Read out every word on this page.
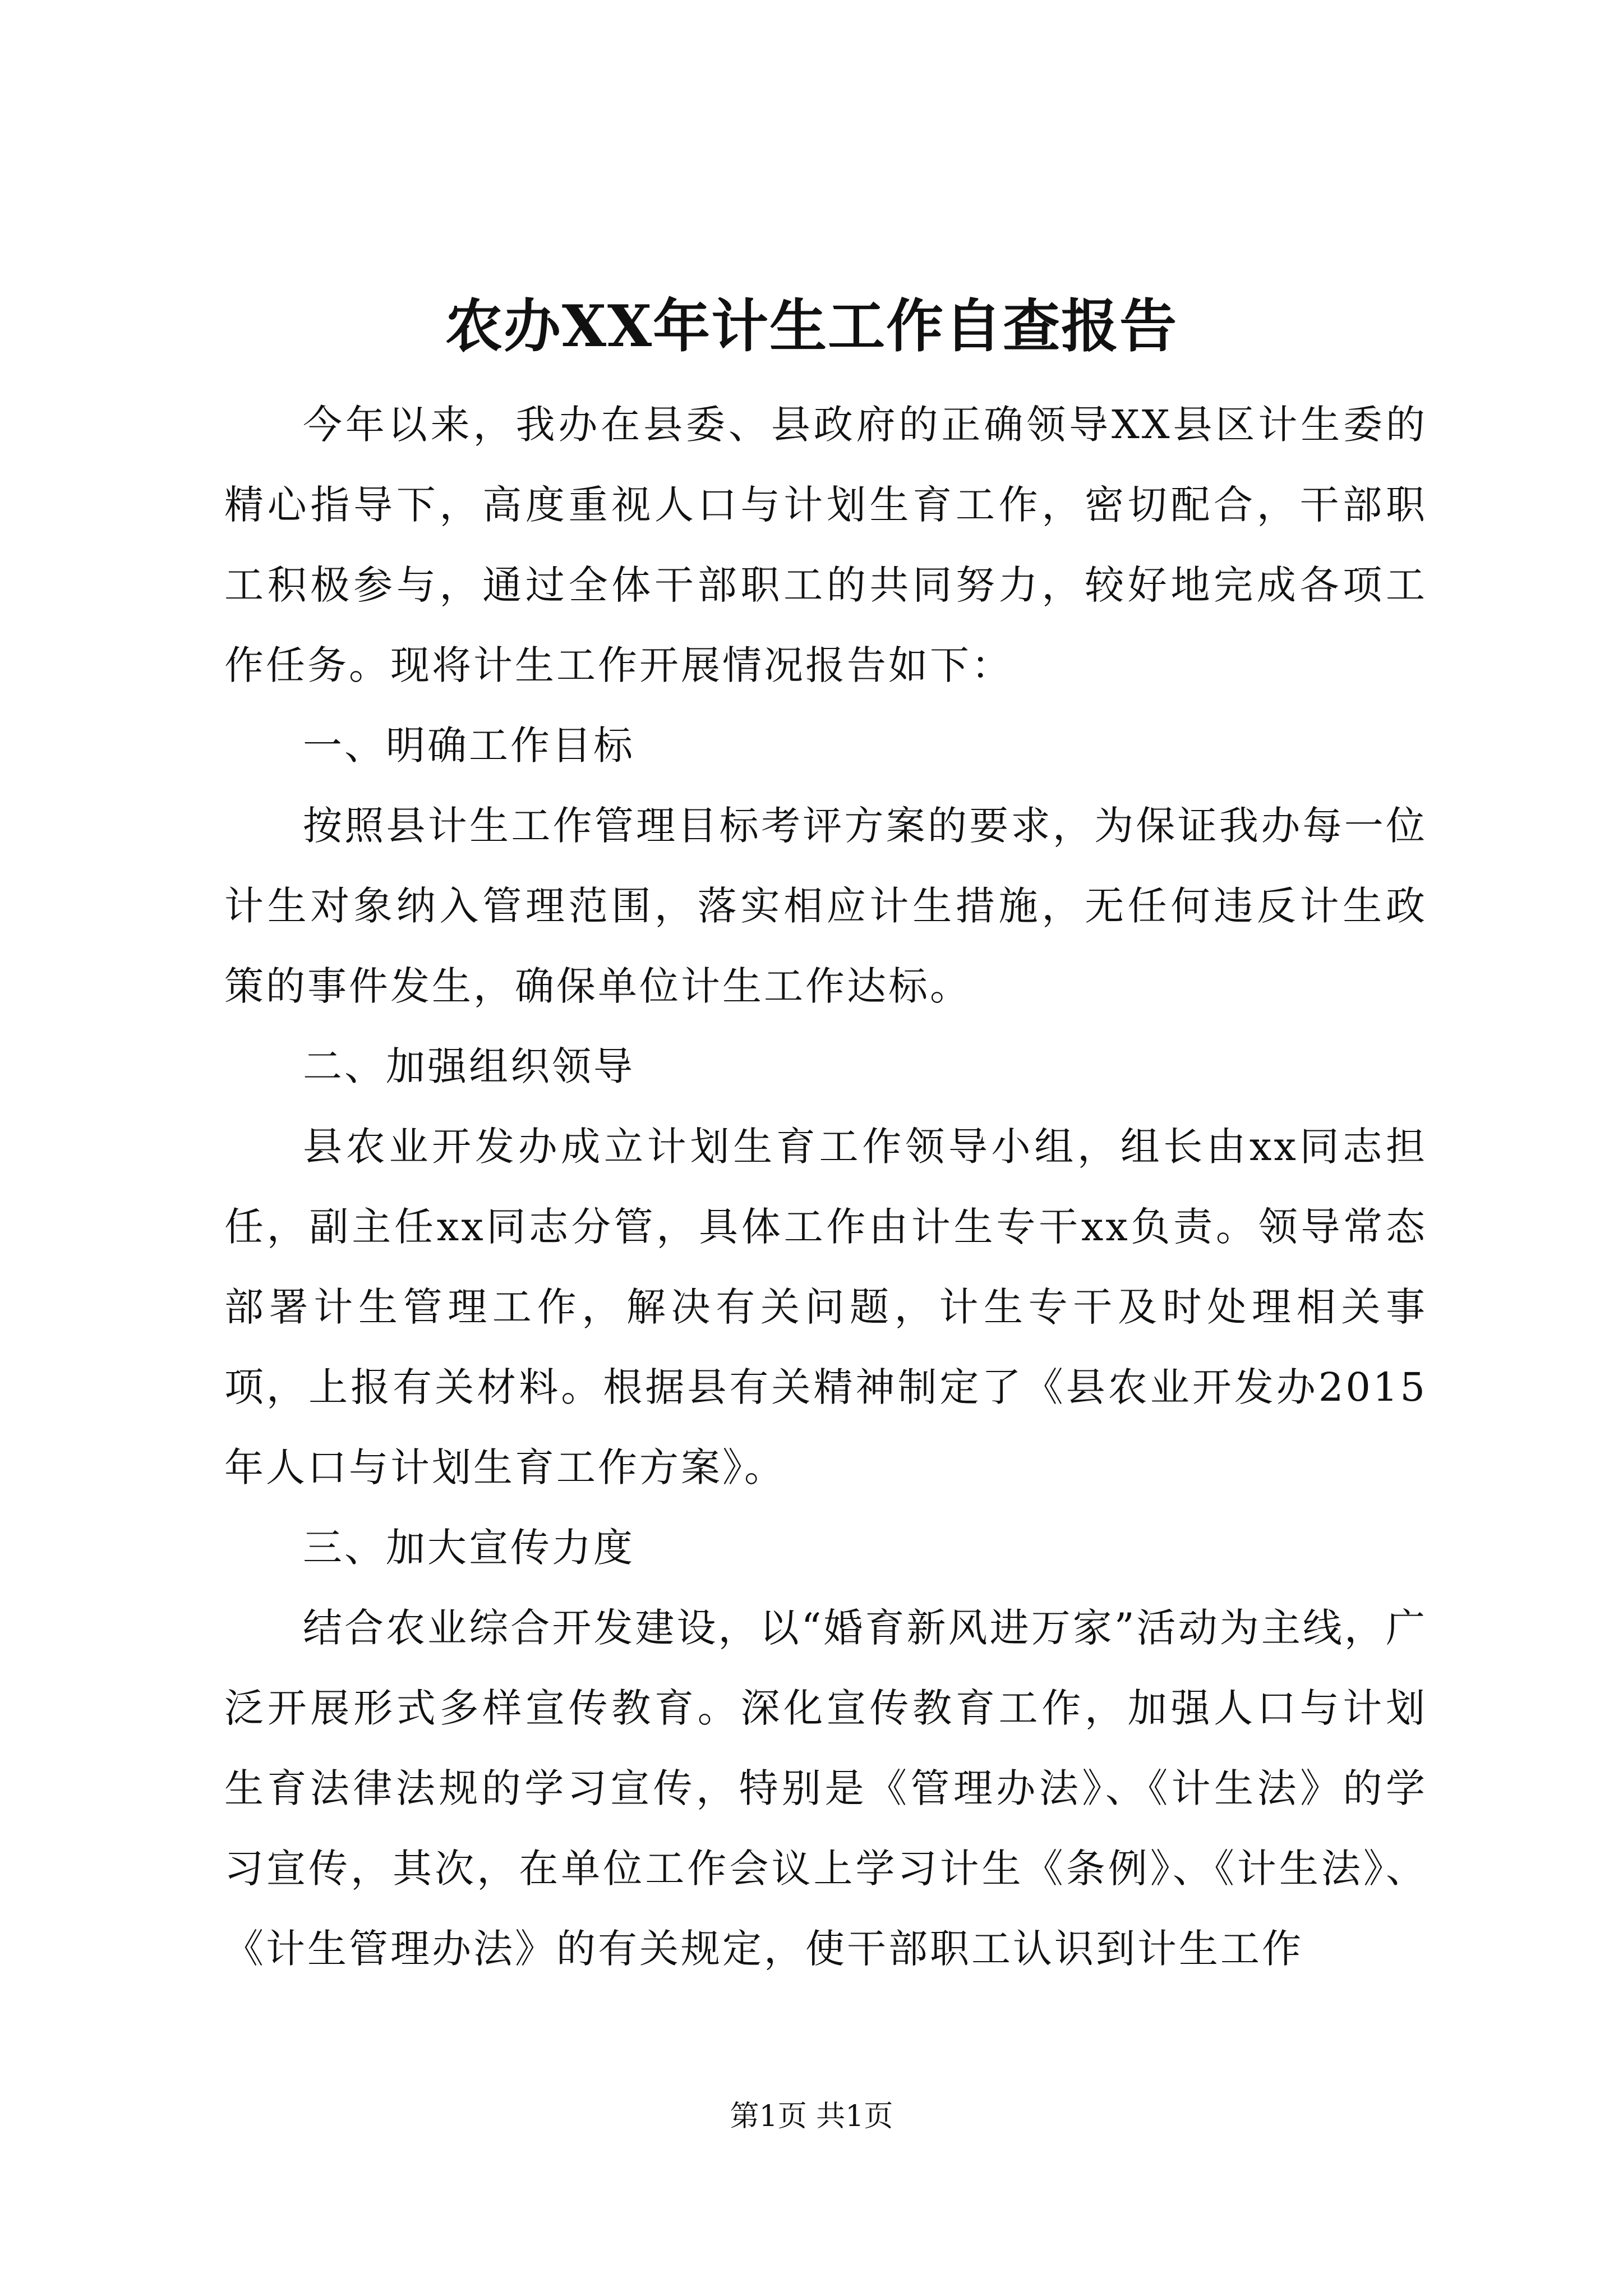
农办XX年计生工作自查报告

今年以来，我办在县委、县政府的正确领导XX县区计生委的精心指导下，高度重视人口与计划生育工作，密切配合，干部职工积极参与，通过全体干部职工的共同努力，较好地完成各项工作任务。现将计生工作开展情况报告如下：

一、明确工作目标

按照县计生工作管理目标考评方案的要求，为保证我办每一位计生对象纳入管理范围，落实相应计生措施，无任何违反计生政策的事件发生，确保单位计生工作达标。

二、加强组织领导

县农业开发办成立计划生育工作领导小组，组长由xx同志担任，副主任xx同志分管，具体工作由计生专干xx负责。领导常态部署计生管理工作，解决有关问题，计生专干及时处理相关事项，上报有关材料。根据县有关精神制定了《县农业开发办2015年人口与计划生育工作方案》。

三、加大宣传力度

结合农业综合开发建设，以“婚育新风进万家”活动为主线，广泛开展形式多样宣传教育。深化宣传教育工作，加强人口与计划生育法律法规的学习宣传，特别是《管理办法》、《计生法》的学习宣传，其次，在单位工作会议上学习计生《条例》、《计生法》、《计生管理办法》的有关规定，使干部职工认识到计生工作

第1页 共1页
